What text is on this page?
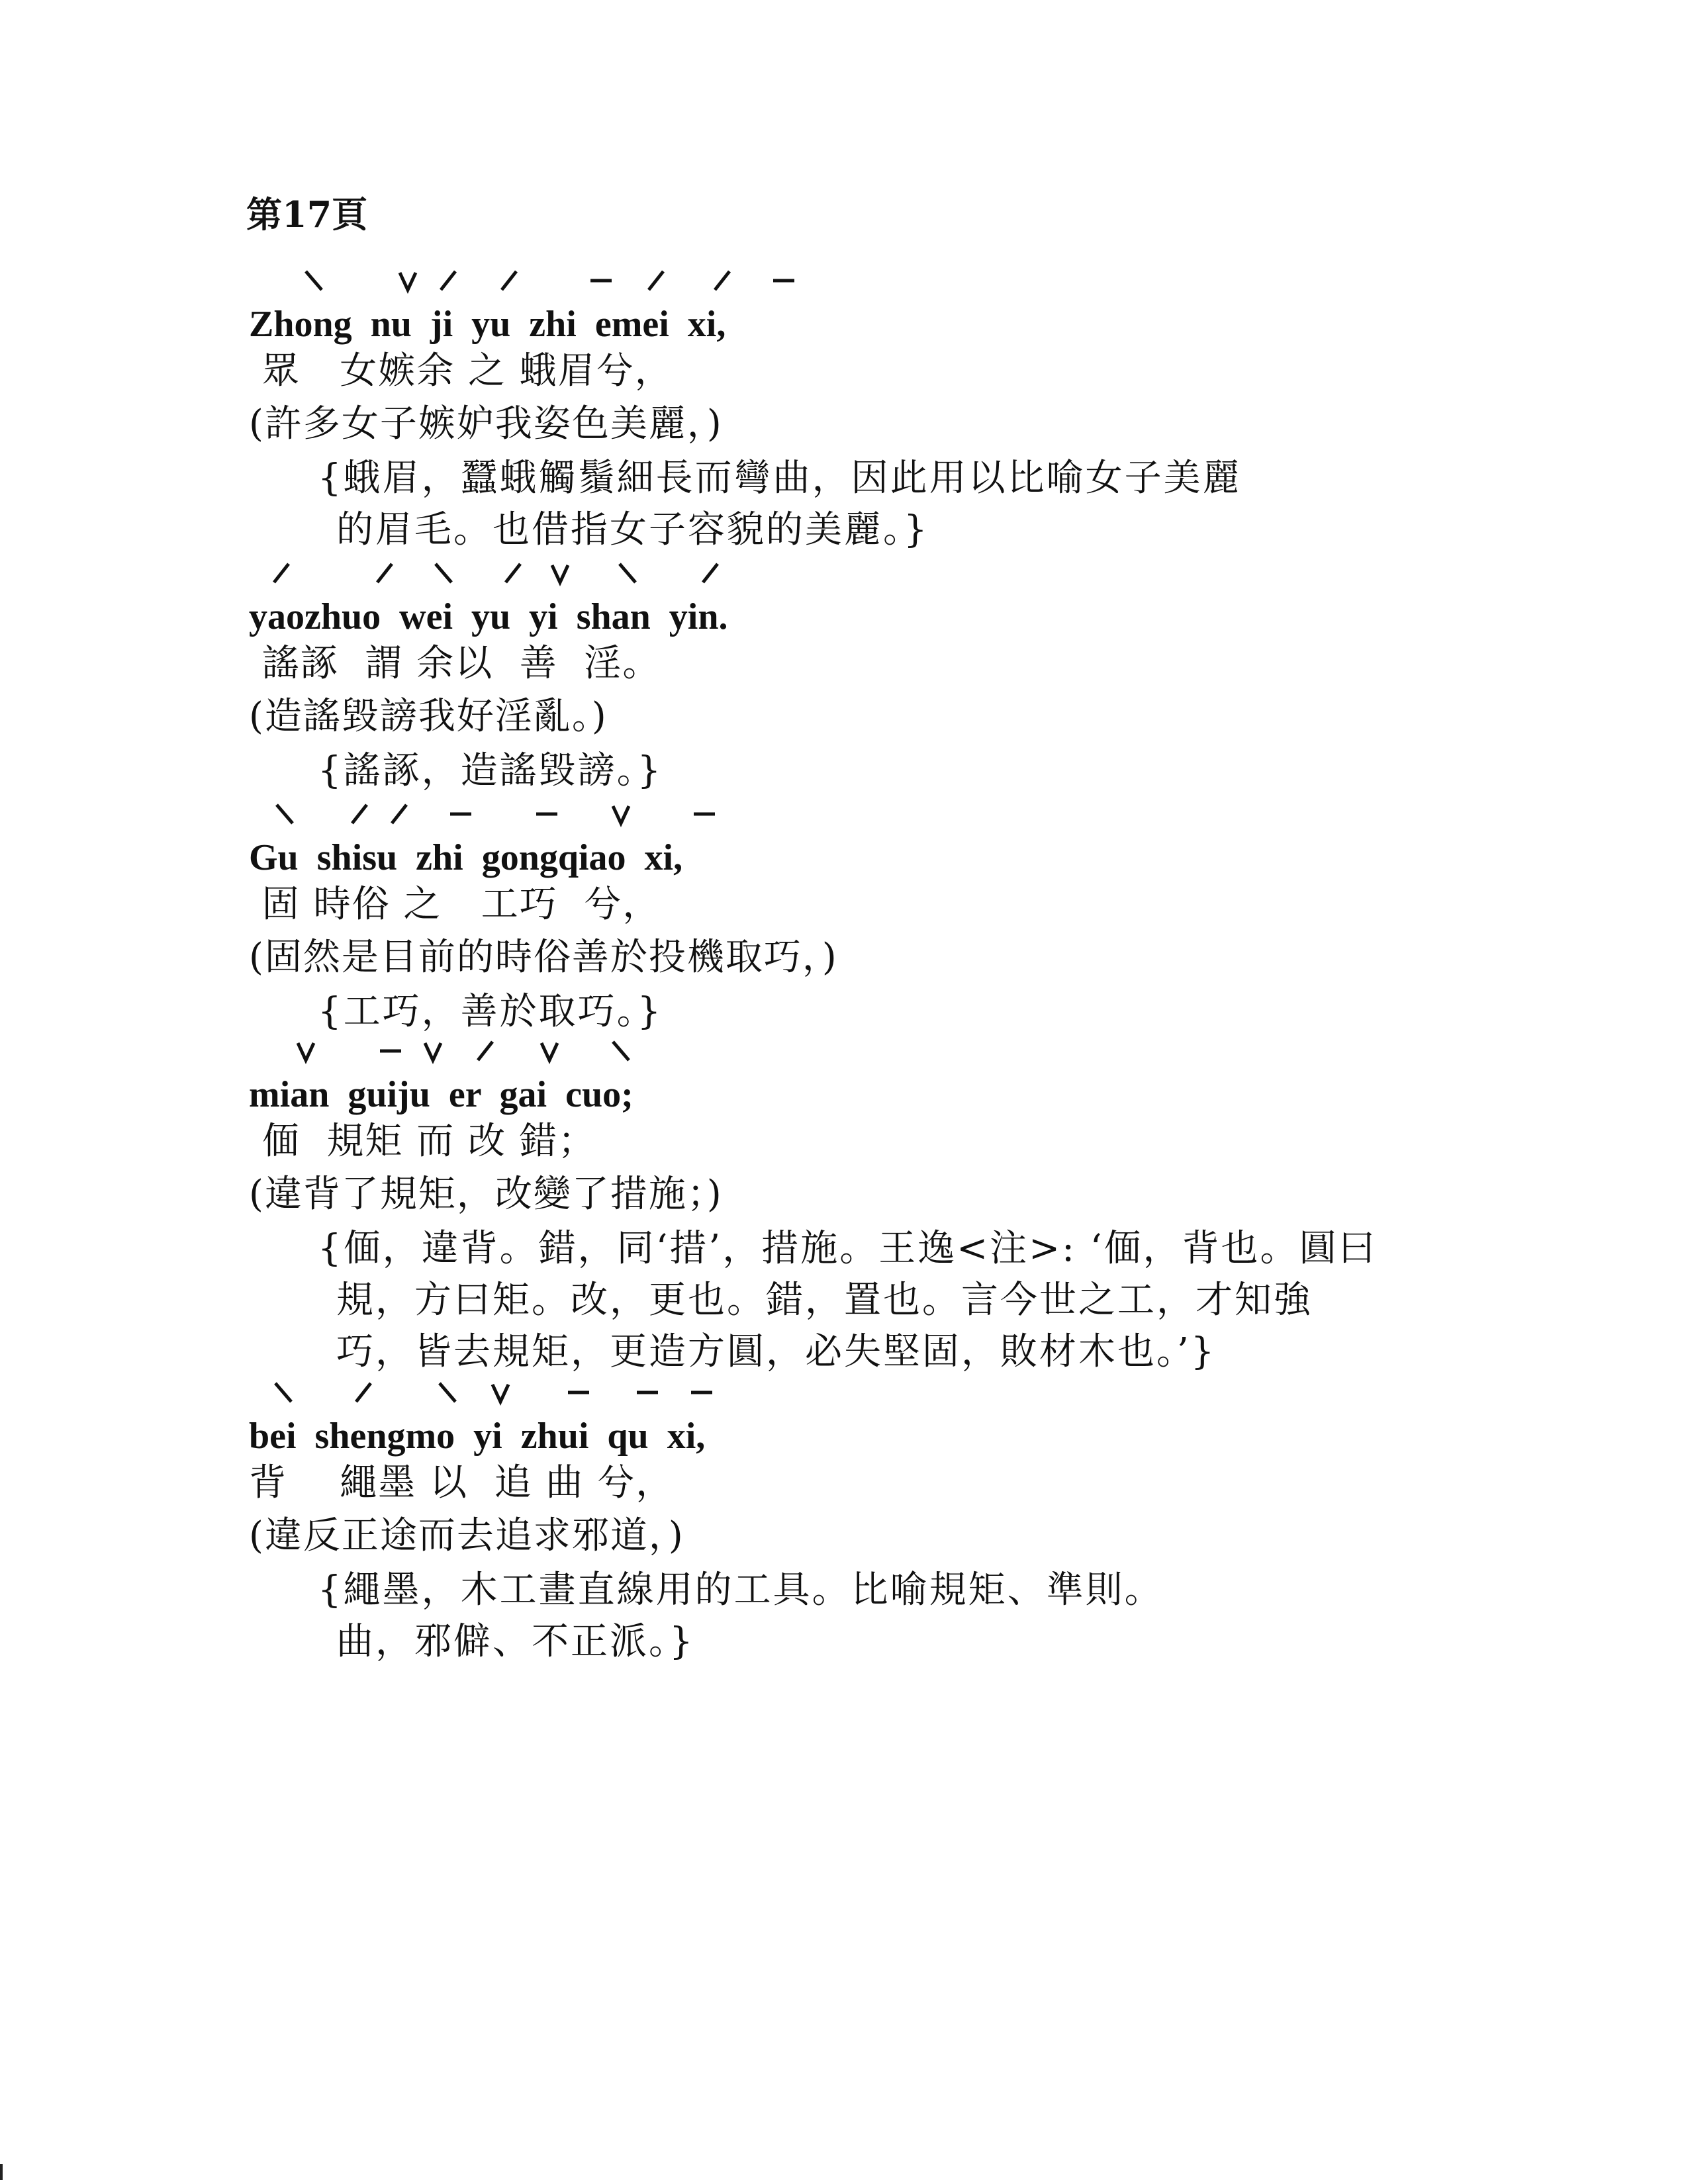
第17頁
Zhong  nu  ji  yu  zhi  emei  xi,
眾   女嫉余 之 蛾眉兮，
(許多女子嫉妒我姿色美麗，)
{蛾眉，蠶蛾觸鬚細長而彎曲，因此用以比喻女子美麗
的眉毛。也借指女子容貌的美麗。}
yaozhuo  wei  yu  yi  shan  yin.
謠諑  謂 余以  善  淫。
(造謠毀謗我好淫亂。)
{謠諑，造謠毀謗。}
Gu  shisu  zhi  gongqiao  xi,
固 時俗 之   工巧  兮，
(固然是目前的時俗善於投機取巧，)
{工巧，善於取巧。}
mian  guiju  er  gai  cuo;
偭  規矩 而 改 錯；
(違背了規矩，改變了措施；)
{偭，違背。錯，同‘措’，措施。王逸<注>: ‘偭，背也。圓曰
規，方曰矩。改，更也。錯，置也。言今世之工，才知強
巧，皆去規矩，更造方圓，必失堅固，敗材木也。’}
bei  shengmo  yi  zhui  qu  xi,
背    繩墨 以  追 曲 兮，
(違反正途而去追求邪道，)
{繩墨，木工畫直線用的工具。比喻規矩、準則。
曲，邪僻、不正派。}
